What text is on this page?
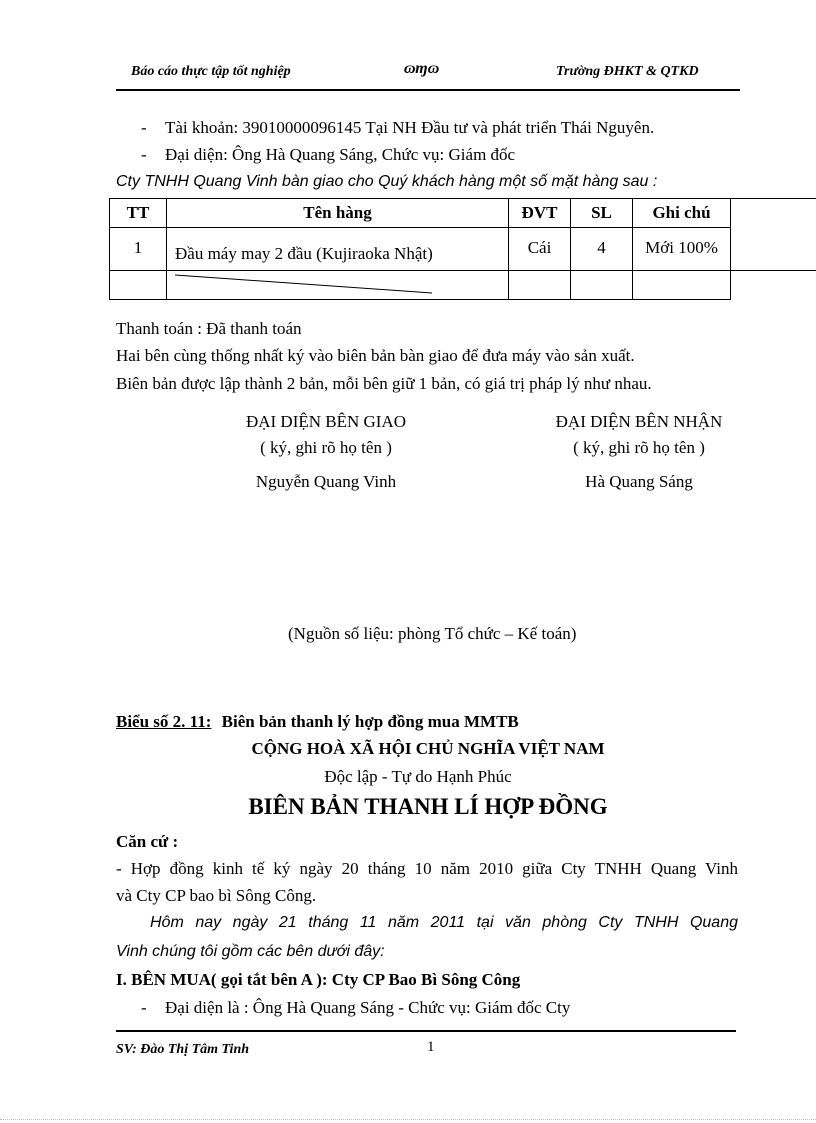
Báo cáo thực tập tốt nghiệp	ɷɱɷ	Trường ĐHKT & QTKD
- Tài khoản: 39010000096145 Tại NH Đầu tư và phát triển Thái Nguyên.
- Đại diện: Ông Hà Quang Sáng, Chức vụ: Giám đốc
Cty TNHH Quang Vinh bàn giao cho Quý khách hàng một số mặt hàng sau :
TT	Tên hàng	ĐVT	SL	Ghi chú
1	Đầu máy may 2 đầu (Kujiraoka Nhật)	Cái	4	Mới 100%

Thanh toán : Đã thanh toán
Hai bên cùng thống nhất ký vào biên bản bàn giao để đưa máy vào sản xuất.
Biên bản được lập thành 2 bản, mỗi bên giữ 1 bản, có giá trị pháp lý như nhau.
ĐẠI DIỆN BÊN GIAO
( ký, ghi rõ họ tên )
Nguyễn Quang Vinh
ĐẠI DIỆN BÊN NHẬN
( ký, ghi rõ họ tên )
Hà Quang Sáng
(Nguồn số liệu: phòng Tổ chức – Kế toán)
Biểu số 2. 11: Biên bản thanh lý hợp đồng mua MMTB
CỘNG HOÀ XÃ HỘI CHỦ NGHĨA VIỆT NAM
Độc lập - Tự do Hạnh Phúc
BIÊN BẢN THANH LÍ HỢP ĐỒNG
Căn cứ :
- Hợp đồng kinh tế ký ngày 20 tháng 10 năm 2010 giữa Cty TNHH Quang Vinh
và Cty CP bao bì Sông Công.
Hôm nay ngày 21 tháng 11 năm 2011 tại văn phòng Cty TNHH Quang
Vinh chúng tôi gồm các bên dưới đây:
I. BÊN MUA( gọi tắt bên A ): Cty CP Bao Bì Sông Công
- Đại diện là : Ông Hà Quang Sáng - Chức vụ: Giám đốc Cty
SV: Đào Thị Tâm Tinh	1
